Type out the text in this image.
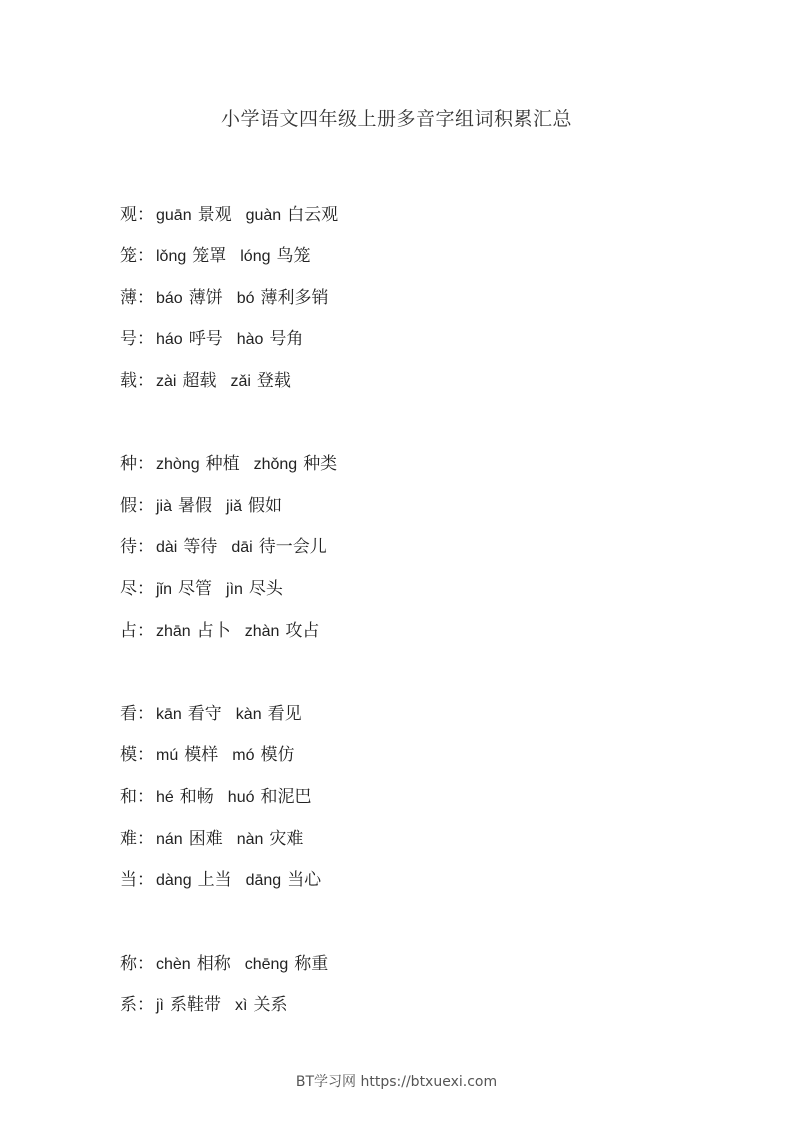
小学语文四年级上册多音字组词积累汇总
观： guān 景观 guàn 白云观
笼： lǒng 笼罩 lóng 鸟笼
薄： báo 薄饼 bó 薄利多销
号： háo 呼号 hào 号角
载： zài 超载 zǎi 登载
种： zhòng 种植 zhǒng 种类
假： jià 暑假 jiǎ 假如
待： dài 等待 dāi 待一会儿
尽： jǐn 尽管 jìn 尽头
占： zhān 占卜 zhàn 攻占
看： kān 看守 kàn 看见
模： mú 模样 mó 模仿
和： hé 和畅 huó 和泥巴
难： nán 困难 nàn 灾难
当： dàng 上当 dāng 当心
称： chèn 相称 chēng 称重
系： jì 系鞋带 xì 关系
BT学习网 https://btxuexi.com
